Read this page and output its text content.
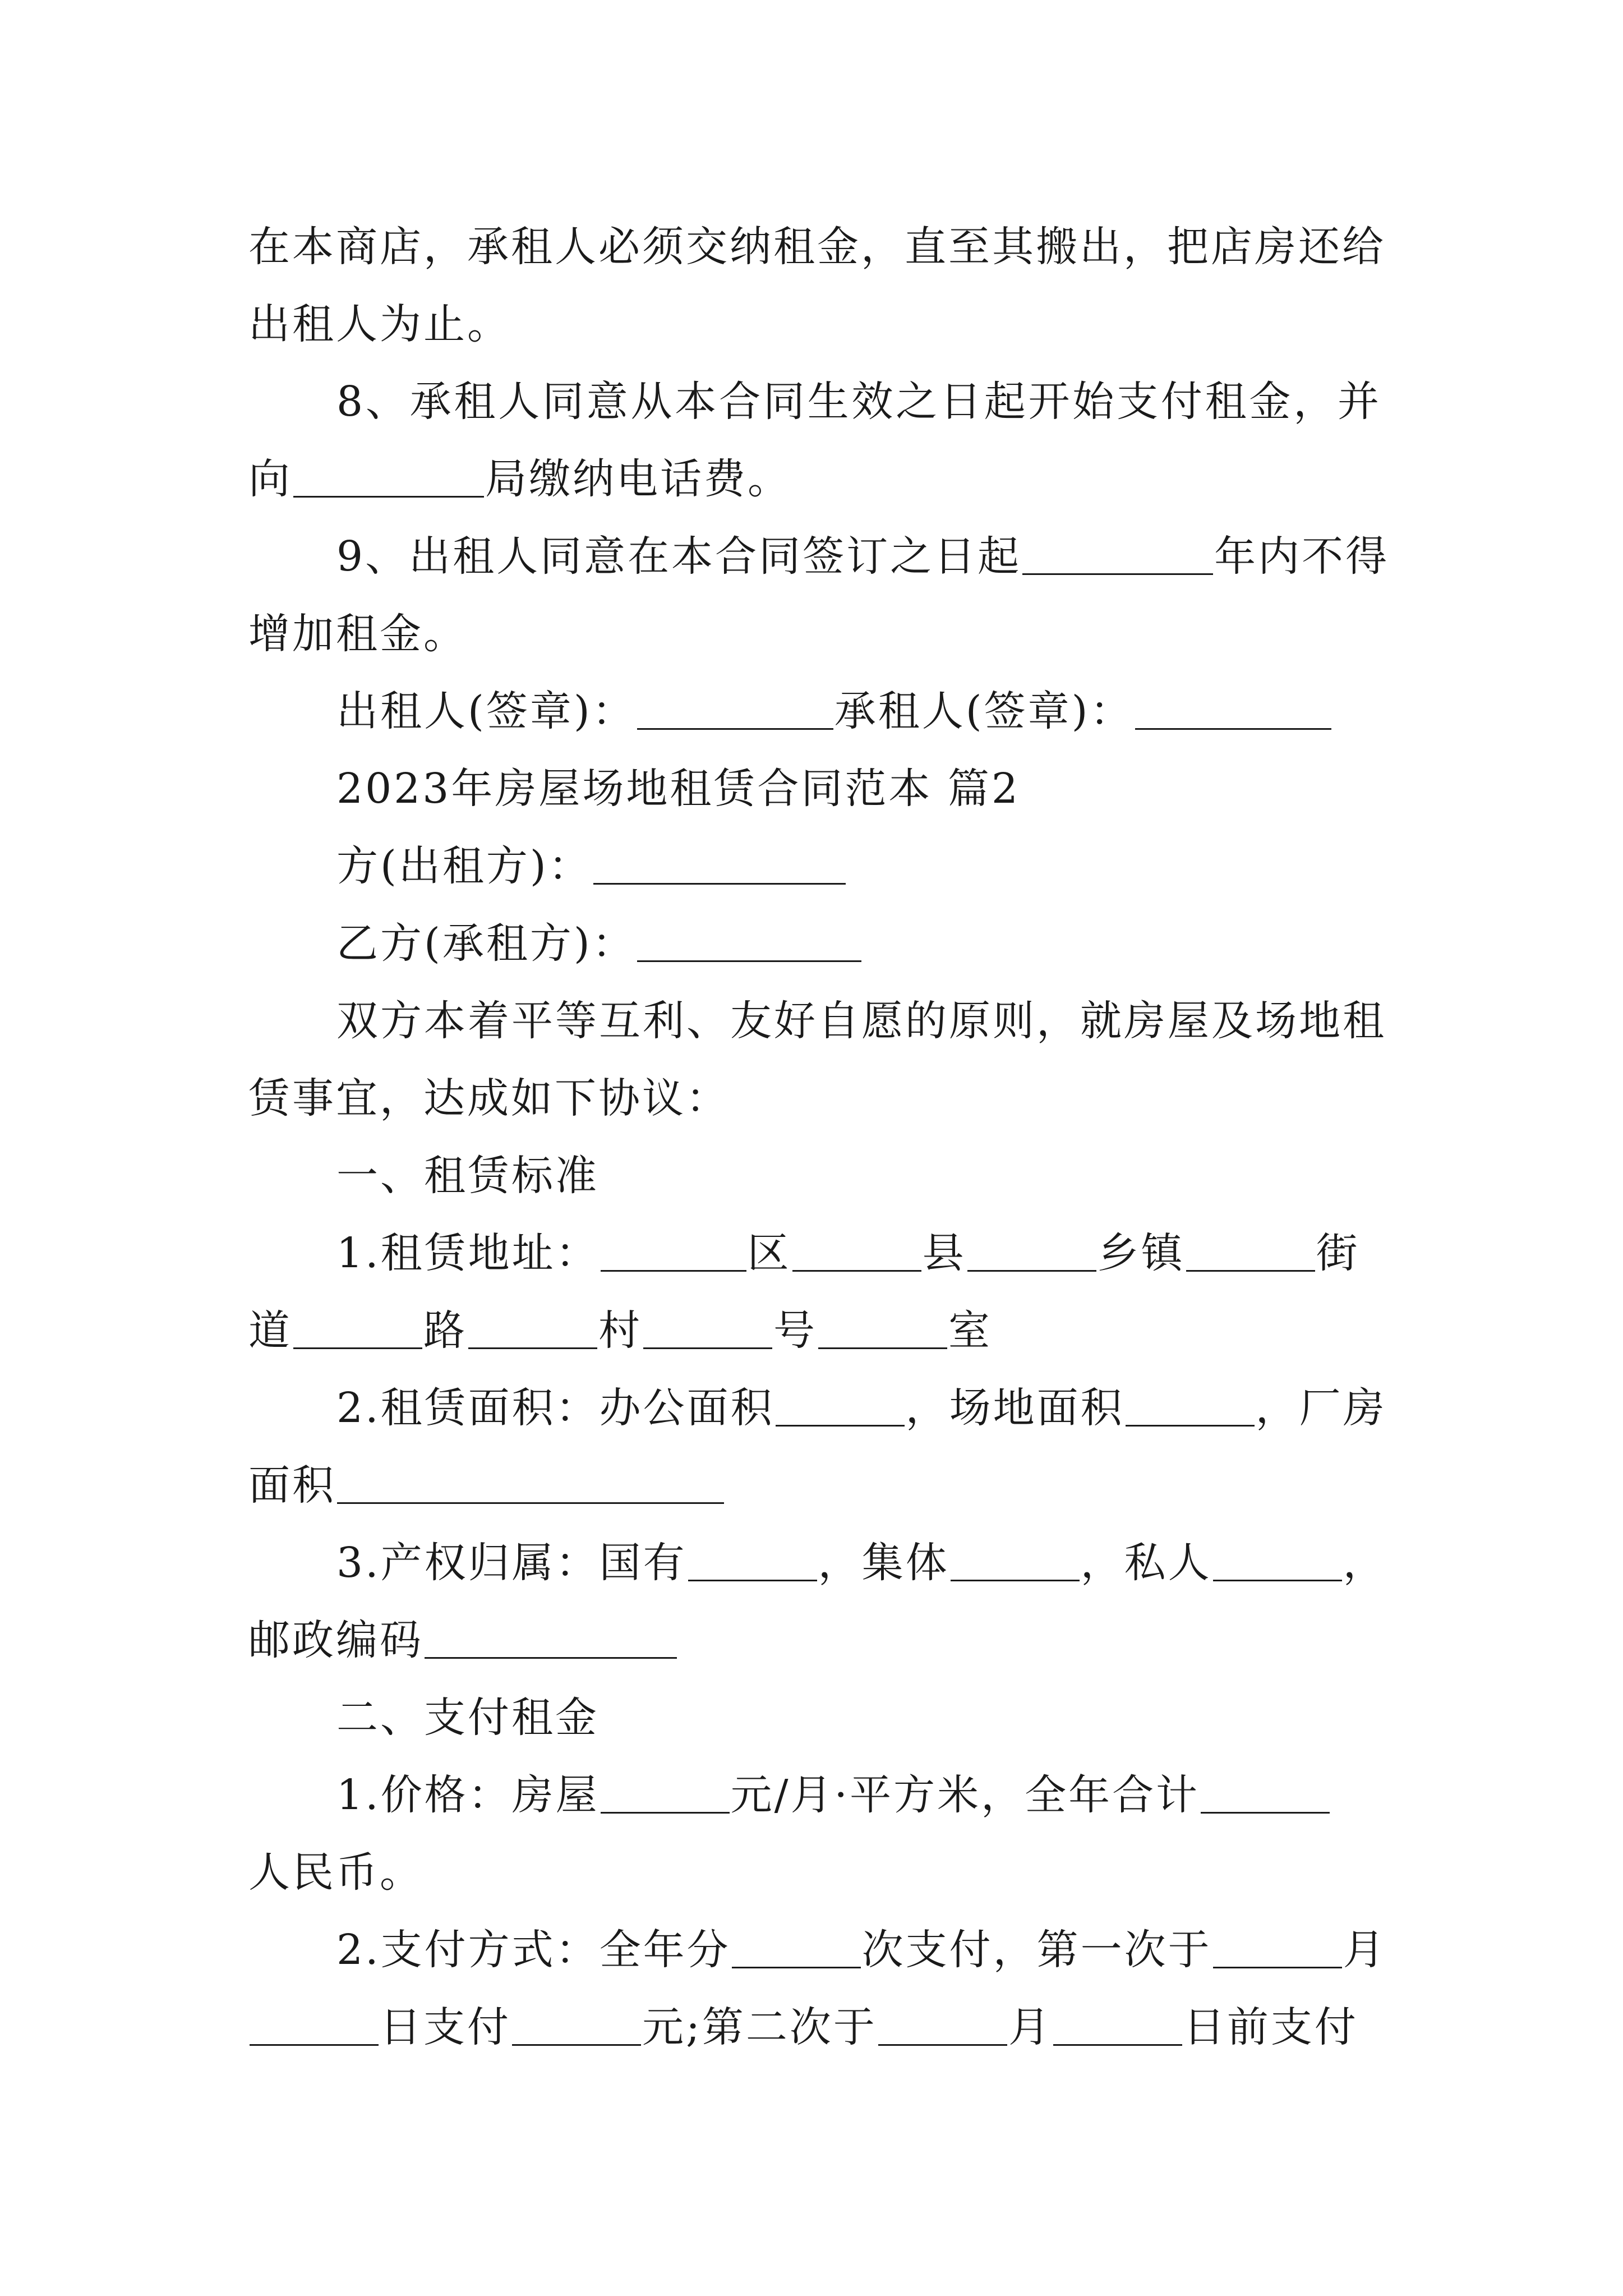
在本商店，承租人必须交纳租金，直至其搬出，把店房还给
出租人为止。
8、承租人同意从本合同生效之日起开始支付租金，并
向	局缴纳电话费。
9、出租人同意在本合同签订之日起	年内不得
增加租金。
出租人(签章)：	承租人(签章)：
2023年房屋场地租赁合同范本 篇2
方(出租方)：
乙方(承租方)：
双方本着平等互利、友好自愿的原则，就房屋及场地租
赁事宜，达成如下协议：
一、租赁标准
1.租赁地址：	区	县	乡镇	街
道	路	村	号	室
2.租赁面积：办公面积	，场地面积	，厂房
面积
3.产权归属：国有	，集体	，私人	，
邮政编码
二、支付租金
1.价格：房屋	元/月·平方米，全年合计
人民币。
2.支付方式：全年分	次支付，第一次于	月
日支付	元;第二次于	月	日前支付
